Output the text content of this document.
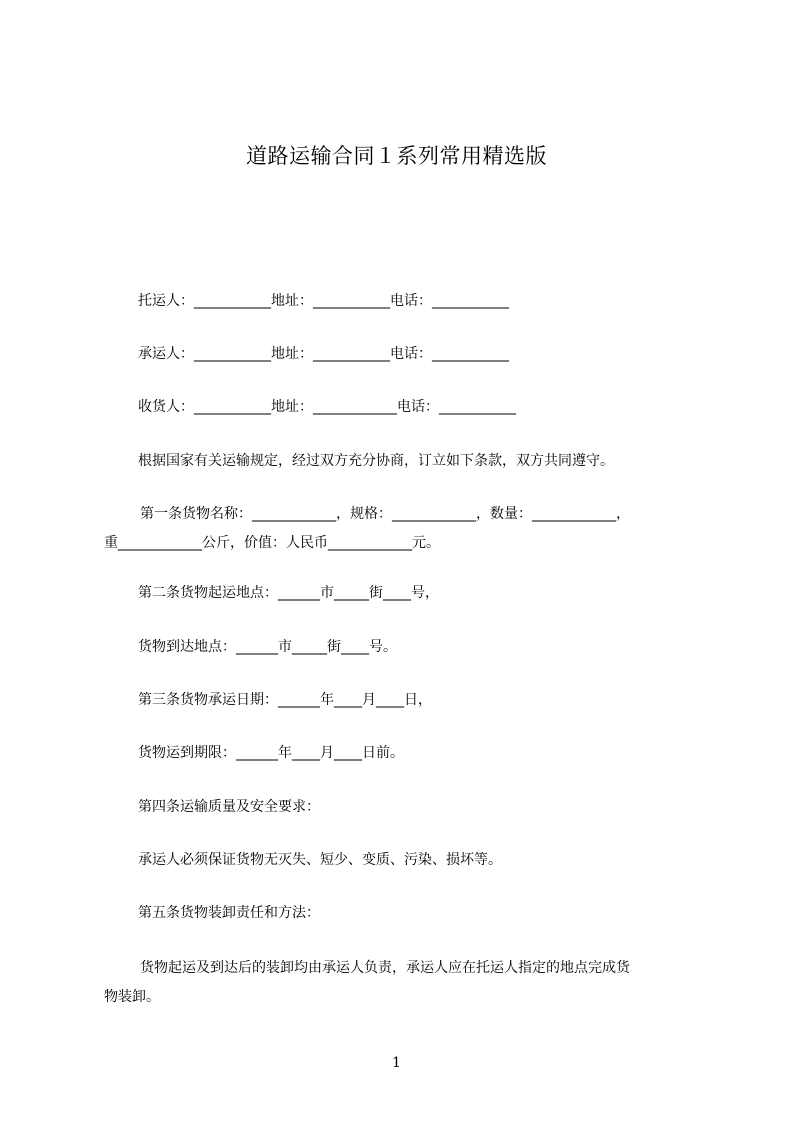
道路运输合同１系列常用精选版
托运人：___________地址：___________电话：___________
承运人：___________地址：___________电话：___________
收货人：___________地址：____________电话：___________
根据国家有关运输规定，经过双方充分协商，订立如下条款，双方共同遵守。
第一条货物名称：____________，规格：____________，数量：____________，
重____________公斤，价值：人民币____________元。
第二条货物起运地点：______市_____街____号，
货物到达地点：______市_____街____号。
第三条货物承运日期：______年____月____日，
货物运到期限：______年____月____日前。
第四条运输质量及安全要求：
承运人必须保证货物无灭失、短少、变质、污染、损坏等。
第五条货物装卸责任和方法：
货物起运及到达后的装卸均由承运人负责，承运人应在托运人指定的地点完成货
物装卸。
1
